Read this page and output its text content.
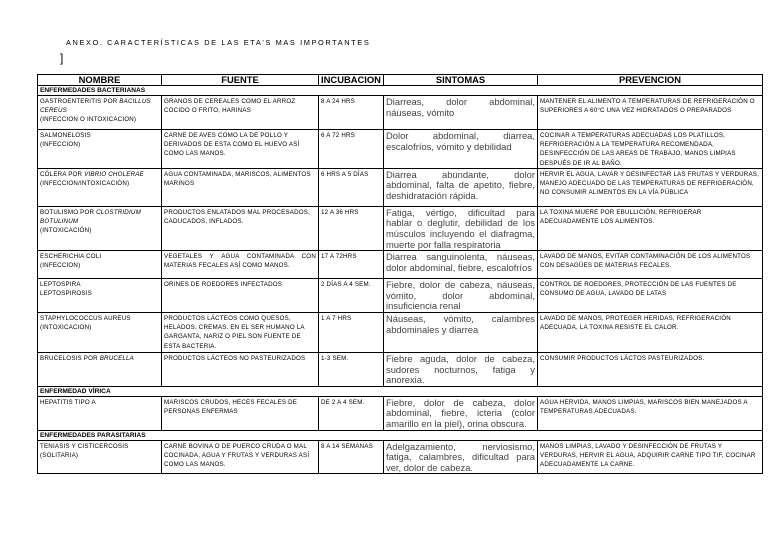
ANEXO. CARACTERÍSTICAS DE LAS ETA'S MAS IMPORTANTES
]
NOMBRE	FUENTE	INCUBACION	SINTOMAS	PREVENCION
ENFERMEDADES BACTERIANAS				
GASTROENTERITIS POR BACILLUS CEREUS
(INFECCION O INTOXICACION)	GRANOS DE CEREALES COMO EL ARROZ COCIDO O FRITO, HARINAS	8 A 24 HRS	Diarreas, dolor abdominal, náuseas, vómito	MANTENER EL ALIMENTO A TEMPERATURAS DE REFRIGERACIÓN O SUPERIORES A 60°C UNA VEZ HIDRATADOS O PREPARADOS
SALMONELOSIS
(INFECCION)	CARNE DE AVES COMO LA DE POLLO Y DERIVADOS DE ESTA COMO EL HUEVO ASÍ COMO LAS MANOS.	6 A 72 HRS	Dolor abdominal, diarrea, escalofríos, vómito y debilidad	COCINAR A TEMPERATURAS ADECUADAS LOS PLATILLOS, REFRIGERACIÓN A LA TEMPERATURA RECOMENDADA, DESINFECCIÓN DE LAS AREAS DE TRABAJO, MANOS LIMPIAS DESPUÉS DE IR AL BAÑO.
CÓLERA POR VIBRIO CHOLERAE
(INFECCION/INTOXICACIÓN)	AGUA CONTAMINADA, MARISCOS, ALIMENTOS MARINOS	6 HRS A 5 DÍAS	Diarrea abundante, dolor abdominal, falta de apetito, fiebre, deshidratación rápida.	HERVIR EL AGUA, LAVAR Y DESINFECTAR LAS FRUTAS Y VERDURAS, MANEJO ADECUADO DE LAS TEMPERATURAS DE REFRIGERACIÓN, NO CONSUMIR ALIMENTOS EN LA VÍA PÚBLICA
BOTULISMO POR CLOSTRIDIUM BOTULINUM
(INTOXICACIÓN)	PRODUCTOS ENLATADOS MAL PROCESADOS, CADUCADOS, INFLADOS.	12 A 36 HRS	Fatiga, vértigo, dificultad para hablar o deglutir, debilidad de los músculos incluyendo el diafragma, muerte por falla respiratoria	LA TOXINA MUERE POR EBULLICIÓN, REFRIGERAR ADECUADAMENTE LOS ALIMENTOS.
ESCHERICHIA COLI
(INFECCION)	VEGETALES Y AGUA CONTAMINADA CON MATERIAS FECALES ASÍ COMO MANOS.	17 A 72HRS	Diarrea sanguinolenta, náuseas, dolor abdominal, fiebre, escalofríos	LAVADO DE MANOS, EVITAR CONTAMINACIÓN DE LOS ALIMENTOS CON DESAGÜES DE MATERIAS FECALES.
LEPTOSPIRA
LEPTOSPIROSIS	ORINES DE ROEDORES INFECTADOS	2 DÍAS A 4 SEM.	Fiebre, dolor de cabeza, náuseas, vómito, dolor abdominal, insuficiencia renal	CONTROL DE ROEDORES, PROTECCIÓN DE LAS FUENTES DE CONSUMO DE AGUA, LAVADO DE LATAS
STAPHYLOCOCCUS AUREUS
(INTOXICACION)	PRODUCTOS LÁCTEOS COMO QUESOS, HELADOS, CREMAS. EN EL SER HUMANO LA GARGANTA, NARIZ O PIEL SON FUENTE DE ESTA BACTERIA.	1 A 7 HRS	Náuseas, vómito, calambres abdominales y diarrea	LAVADO DE MANOS, PROTEGER HERIDAS, REFRIGERACIÓN ADECUADA, LA TOXINA RESISTE EL CALOR.
BRUCELOSIS POR BRUCELLA	PRODUCTOS LÁCTEOS NO PASTEURIZADOS	1-3 SEM.	Fiebre aguda, dolor de cabeza, sudores nocturnos, fatiga y anorexia.	CONSUMIR PRODUCTOS LÁCTOS PASTEURIZADOS.
ENFERMEDAD VÍRICA				
HEPATITIS TIPO A	MARISCOS CRUDOS, HECES FECALES DE PERSONAS ENFERMAS	DE 2 A 4 SEM.	Fiebre, dolor de cabeza, dolor abdominal, fiebre, icteria (color amarillo en la piel), orina obscura.	AGUA HERVIDA, MANOS LIMPIAS, MARISCOS BIEN MANEJADOS A TEMPERATURAS ADECUADAS.
ENFERMEDADES PARASITARIAS				
TENIASIS Y CISTICERCOSIS
(SOLITARIA)	CARNE BOVINA O DE PUERCO CRUDA O MAL COCINADA, AGUA Y FRUTAS Y VERDURAS ASÍ COMO LAS MANOS.	8 A 14 SEMANAS	Adelgazamiento, nerviosismo, fatiga, calambres, dificultad para ver, dolor de cabeza.	MANOS LIMPIAS, LAVADO Y DESINFECCIÓN DE FRUTAS Y VERDURAS, HERVIR EL AGUA, ADQUIRIR CARNE TIPO TIF, COCINAR ADECUADAMENTE LA CARNE.
